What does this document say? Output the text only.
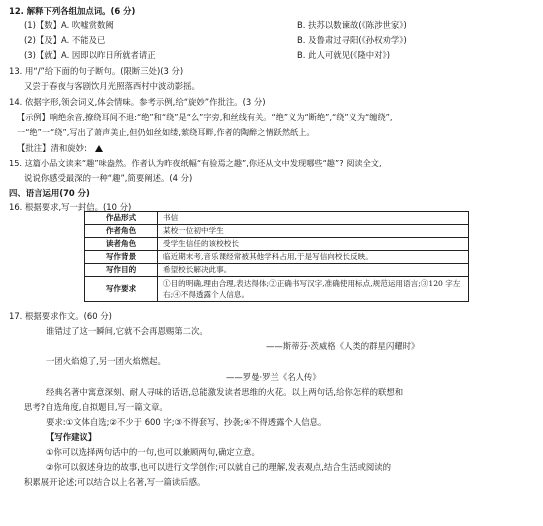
12. 解释下列各组加点词。(6 分)
(1)【数】A. 吹嘘赏数阙	B. 扶苏以数谏故(《陈涉世家》)
(2)【及】A. 不能及已	B. 及鲁肃过寻阳(《孙权劝学》)
(3)【就】A. 因即以昨日所就者请正	B. 此人可就见(《隆中对》)
13. 用“/”给下面的句子断句。(限断三处)(3 分)
又尝于春夜与客剧饮月光照落西村中波动影摇。
14. 依据字形,领会词义,体会情味。参考示例,给“旋妙”作批注。(3 分)
【示例】响绝余音,撩绕耳间不退:“绝”和“绕”是“么”字旁,和丝线有关。“绝”义为“断绝”,“绕”义为“缠绕”,
一“绝”一“绕”,写出了萧声美止,但仍如丝如缕,萦绕耳畔,作者的陶醉之情跃然纸上。
【批注】清和旋妙:
15. 这篇小品文读来“趣”味盎然。作者认为昨夜纸幅“有验焉之趣”,你还从文中发现哪些“趣”? 阅读全文,
说说你感受最深的一种“趣”,简要阐述。(4 分)
四、语言运用(70 分)
16. 根据要求,写一封信。(10 分)
作品形式	书信
作者角色	某校一位初中学生
读者角色	受学生信任的该校校长
写作背景	临近期末考,音乐课经常被其他学科占用,于是写信向校长反映。
写作目的	希望校长解决此事。
写作要求	①目的明确,理由合理,表达得体;②正确书写汉字,准确使用标点,规范运用语言;③120 字左右;④不得透露个人信息。
17. 根据要求作文。(60 分)
谁错过了这一瞬间,它就不会再恩赐第二次。
——斯蒂芬·茨威格《人类的群星闪耀时》
一团火焰熄了,另一团火焰燃起。
——罗曼·罗兰《名人传》
经典名著中寓意深刻、耐人寻味的话语,总能激发读者思维的火花。以上两句话,给你怎样的联想和
思考?自选角度,自拟题目,写一篇文章。
要求:①文体自选;②不少于 600 字;③不得套写、抄袭;④不得透露个人信息。
【写作建议】
①你可以选择两句话中的一句,也可以兼顾两句,确定立意。
②你可以叙述身边的故事,也可以进行文学创作;可以就自己的理解,发表观点,结合生活或阅读的
积累展开论述;可以结合以上名著,写一篇读后感。
